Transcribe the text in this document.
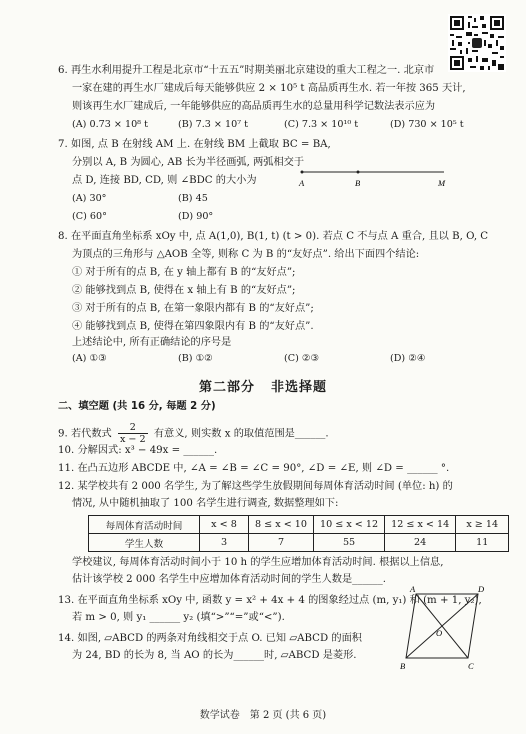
6. 再生水利用提升工程是北京市“十五五”时期美丽北京建设的重大工程之一. 北京市
一家在建的再生水厂建成后每天能够供应 2 × 10⁵ t 高品质再生水. 若一年按 365 天计,
则该再生水厂建成后, 一年能够供应的高品质再生水的总量用科学记数法表示应为
(A) 0.73 × 10⁸ t	(B) 7.3 × 10⁷ t	(C) 7.3 × 10¹⁰ t	(D) 730 × 10⁵ t
7. 如图, 点 B 在射线 AM 上. 在射线 BM 上截取 BC = BA,
分别以 A, B 为圆心, AB 长为半径画弧, 两弧相交于
点 D, 连接 BD, CD, 则 ∠BDC 的大小为
(A) 30°	(B) 45
(C) 60°	(D) 90°
A	B	M
8. 在平面直角坐标系 xOy 中, 点 A(1,0), B(1, t) (t > 0). 若点 C 不与点 A 重合, 且以 B, O, C
为顶点的三角形与 △AOB 全等, 则称 C 为 B 的“友好点”. 给出下面四个结论:
① 对于所有的点 B, 在 y 轴上都有 B 的“友好点”;
② 能够找到点 B, 使得在 x 轴上有 B 的“友好点”;
③ 对于所有的点 B, 在第一象限内都有 B 的“友好点”;
④ 能够找到点 B, 使得在第四象限内有 B 的“友好点”.
上述结论中, 所有正确结论的序号是
(A) ①③	(B) ①②	(C) ②③	(D) ②④
第二部分 非选择题
二、填空题 (共 16 分, 每题 2 分)
9. 若代数式 $\frac{2}{x - 2}$ 有意义, 则实数 x 的取值范围是______.
10. 分解因式: x³ − 49x = ______.
11. 在凸五边形 ABCDE 中, ∠A = ∠B = ∠C = 90°, ∠D = ∠E, 则 ∠D = ______ °.
12. 某学校共有 2 000 名学生, 为了解这些学生放假期间每周体育活动时间 (单位: h) 的
情况, 从中随机抽取了 100 名学生进行调查, 数据整理如下:
每周体育活动时间	x < 8	8 ≤ x < 10	10 ≤ x < 12	12 ≤ x < 14	x ≥ 14
学生人数	3	7	55	24	11
学校建议, 每周体育活动时间小于 10 h 的学生应增加体育活动时间. 根据以上信息,
估计该学校 2 000 名学生中应增加体育活动时间的学生人数是______.
13. 在平面直角坐标系 xOy 中, 函数 y = x² + 4x + 4 的图象经过点 (m, y₁) 和 (m + 1, y₂),
若 m > 0, 则 y₁ ______ y₂ (填“>”“=”或“<”).
14. 如图, ▱ABCD 的两条对角线相交于点 O. 已知 ▱ABCD 的面积
为 24, BD 的长为 8, 当 AO 的长为______时, ▱ABCD 是菱形.
A	D
O
B	C
数学试卷　第 2 页 (共 6 页)
